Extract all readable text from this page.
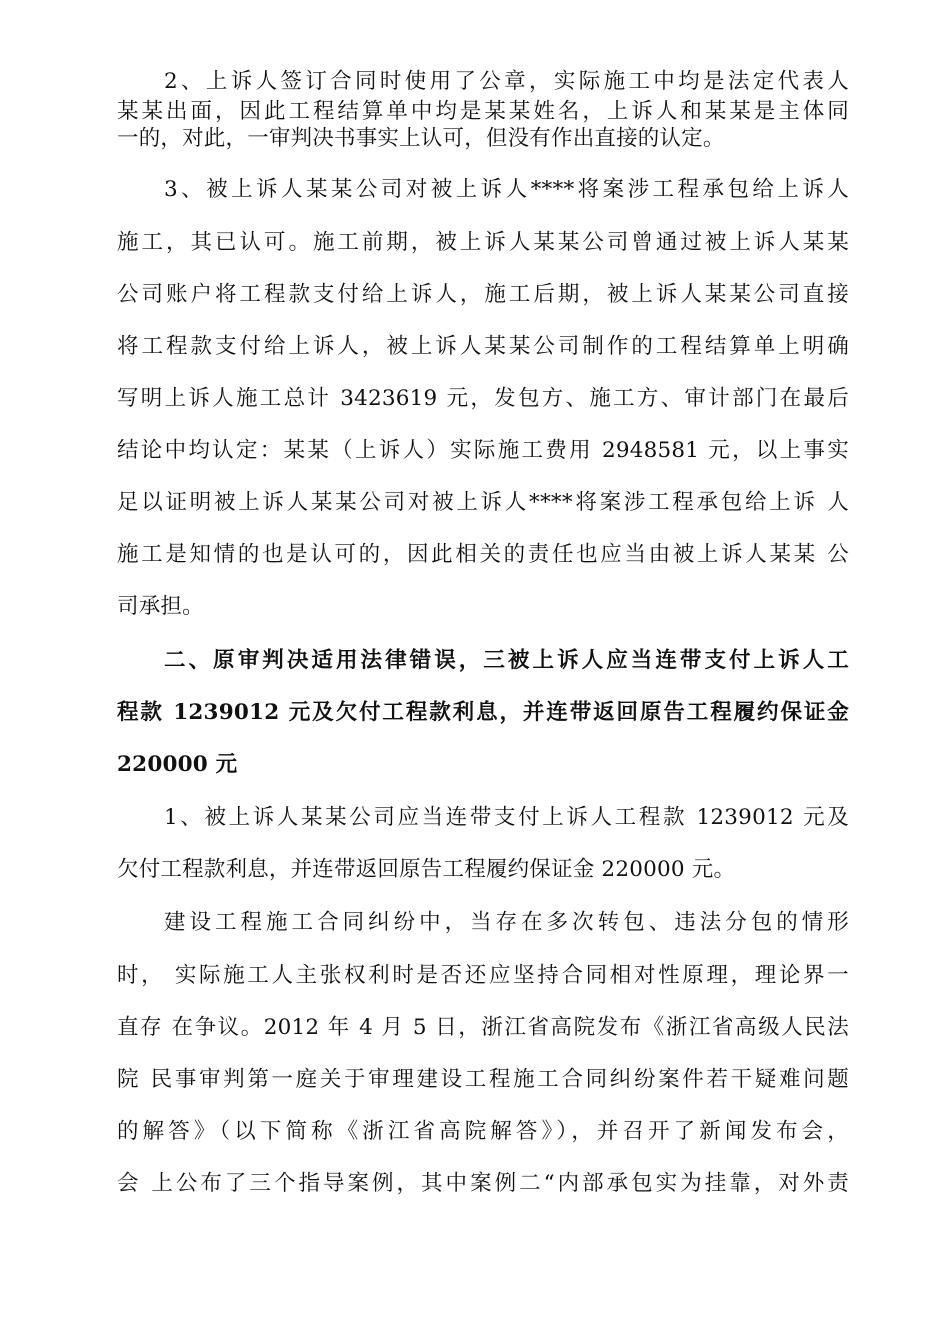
2、上诉人签订合同时使用了公章，实际施工中均是法定代表人
某某出面，因此工程结算单中均是某某姓名，上诉人和某某是主体同
一的，对此，一审判决书事实上认可，但没有作出直接的认定。
3、被上诉人某某公司对被上诉人****将案涉工程承包给上诉人
施工，其已认可。施工前期，被上诉人某某公司曾通过被上诉人某某
公司账户将工程款支付给上诉人，施工后期，被上诉人某某公司直接
将工程款支付给上诉人，被上诉人某某公司制作的工程结算单上明确
写明上诉人施工总计 3423619 元，发包方、施工方、审计部门在最后
结论中均认定：某某（上诉人）实际施工费用 2948581 元，以上事实
足以证明被上诉人某某公司对被上诉人****将案涉工程承包给上诉 人
施工是知情的也是认可的，因此相关的责任也应当由被上诉人某某 公
司承担。
二、原审判决适用法律错误，三被上诉人应当连带支付上诉人工
程款 1239012 元及欠付工程款利息，并连带返回原告工程履约保证金
220000 元
1、被上诉人某某公司应当连带支付上诉人工程款 1239012 元及
欠付工程款利息，并连带返回原告工程履约保证金 220000 元。
建设工程施工合同纠纷中，当存在多次转包、违法分包的情形
时， 实际施工人主张权利时是否还应坚持合同相对性原理，理论界一
直存 在争议。2012 年 4 月 5 日，浙江省高院发布《浙江省高级人民法
院 民事审判第一庭关于审理建设工程施工合同纠纷案件若干疑难问题
的解答》（以下简称《浙江省高院解答》），并召开了新闻发布会，
会 上公布了三个指导案例，其中案例二“内部承包实为挂靠，对外责
